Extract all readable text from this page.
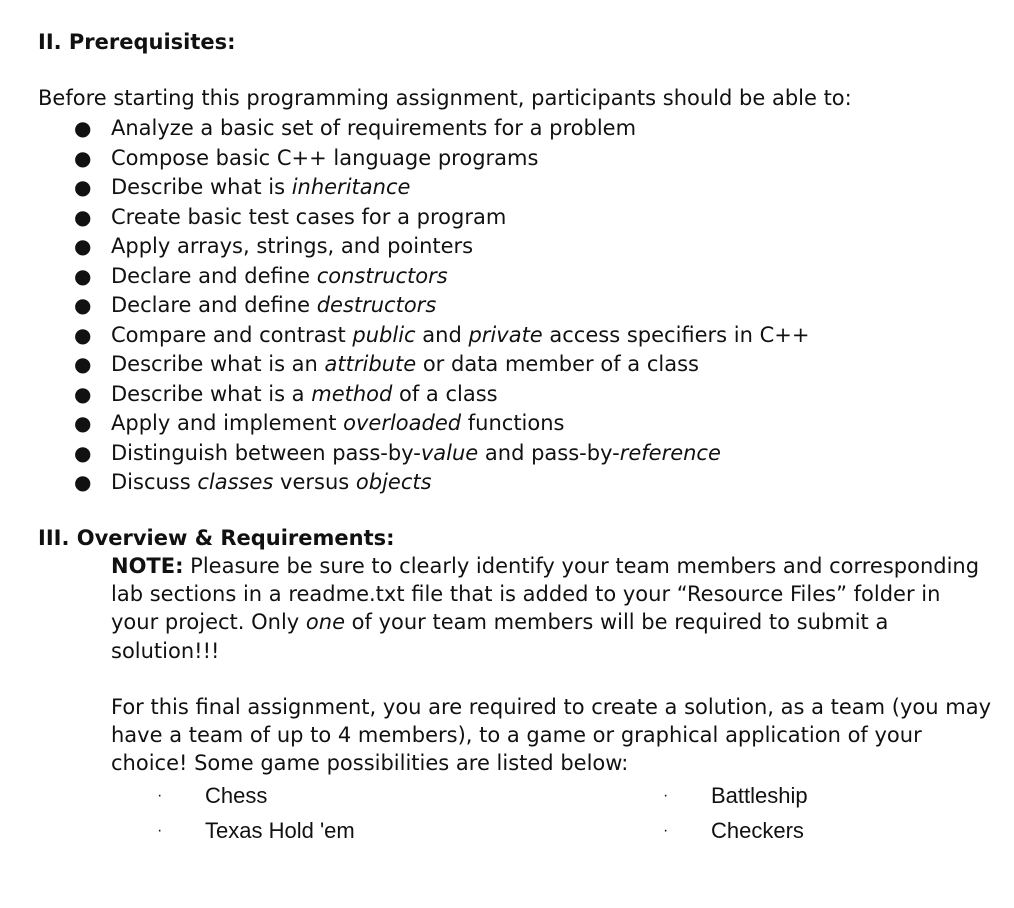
II. Prerequisites:
Before starting this programming assignment, participants should be able to:
● Analyze a basic set of requirements for a problem
● Compose basic C++ language programs
● Describe what is inheritance
● Create basic test cases for a program
● Apply arrays, strings, and pointers
● Declare and define constructors
● Declare and define destructors
● Compare and contrast public and private access specifiers in C++
● Describe what is an attribute or data member of a class
● Describe what is a method of a class
● Apply and implement overloaded functions
● Distinguish between pass-by-value and pass-by-reference
● Discuss classes versus objects
III. Overview & Requirements:
NOTE: Pleasure be sure to clearly identify your team members and corresponding lab sections in a readme.txt file that is added to your “Resource Files” folder in your project. Only one of your team members will be required to submit a solution!!!
For this final assignment, you are required to create a solution, as a team (you may have a team of up to 4 members), to a game or graphical application of your choice! Some game possibilities are listed below:
· Chess	· Battleship
· Texas Hold 'em	· Checkers
